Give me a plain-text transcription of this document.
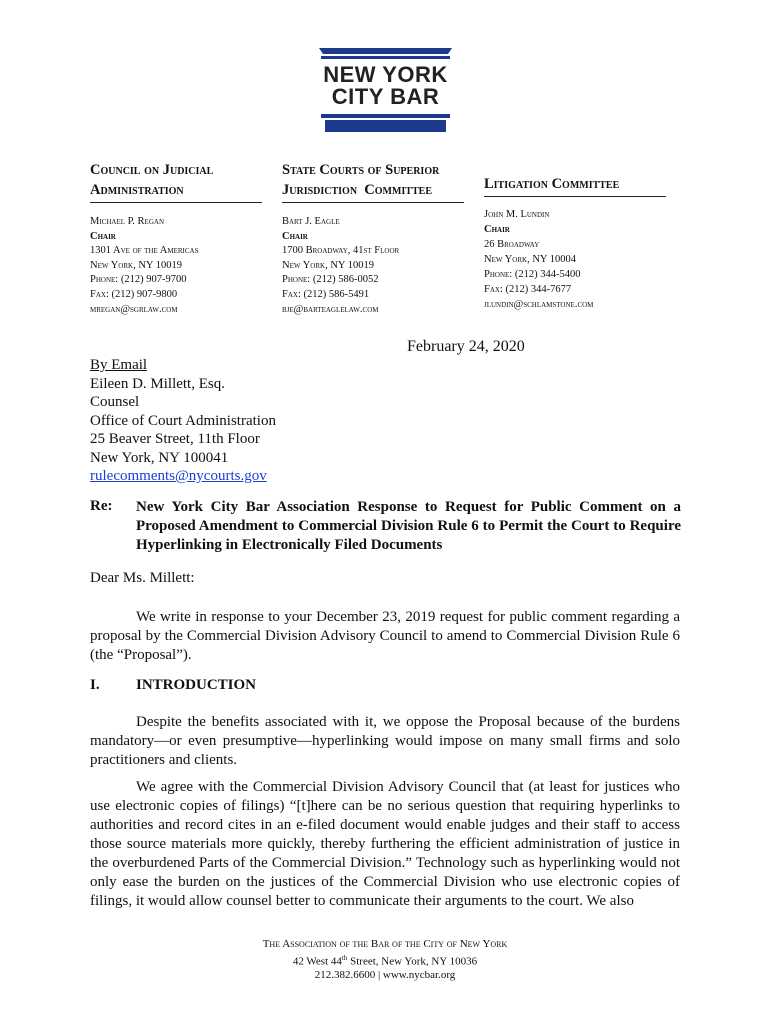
NEW YORK
CITY BAR
Council on Judicial
Administration
Michael P. Regan
Chair
1301 Ave of the Americas
New York, NY 10019
Phone: (212) 907-9700
Fax: (212) 907-9800
mregan@sgrlaw.com
State Courts of Superior
Jurisdiction  Committee
Bart J. Eagle
Chair
1700 Broadway, 41st Floor
New York, NY 10019
Phone: (212) 586-0052
Fax: (212) 586-5491
bje@barteaglelaw.com
Litigation Committee
John M. Lundin
Chair
26 Broadway
New York, NY 10004
Phone: (212) 344-5400
Fax: (212) 344-7677
jlundin@schlamstone.com
February 24, 2020
By Email
Eileen D. Millett, Esq.
Counsel
Office of Court Administration
25 Beaver Street, 11th Floor
New York, NY 100041
rulecomments@nycourts.gov
Re: New York City Bar Association Response to Request for Public Comment on a Proposed Amendment to Commercial Division Rule 6 to Permit the Court to Require Hyperlinking in Electronically Filed Documents
Dear Ms. Millett:
We write in response to your December 23, 2019 request for public comment regarding a proposal by the Commercial Division Advisory Council to amend to Commercial Division Rule 6 (the “Proposal”).
I. INTRODUCTION
Despite the benefits associated with it, we oppose the Proposal because of the burdens mandatory—or even presumptive—hyperlinking would impose on many small firms and solo practitioners and clients.
We agree with the Commercial Division Advisory Council that (at least for justices who use electronic copies of filings) “[t]here can be no serious question that requiring hyperlinks to authorities and record cites in an e-filed document would enable judges and their staff to access those source materials more quickly, thereby furthering the efficient administration of justice in the overburdened Parts of the Commercial Division.” Technology such as hyperlinking would not only ease the burden on the justices of the Commercial Division who use electronic copies of filings, it would allow counsel better to communicate their arguments to the court. We also
The Association of the Bar of the City of New York
42 West 44th Street, New York, NY 10036
212.382.6600 | www.nycbar.org
